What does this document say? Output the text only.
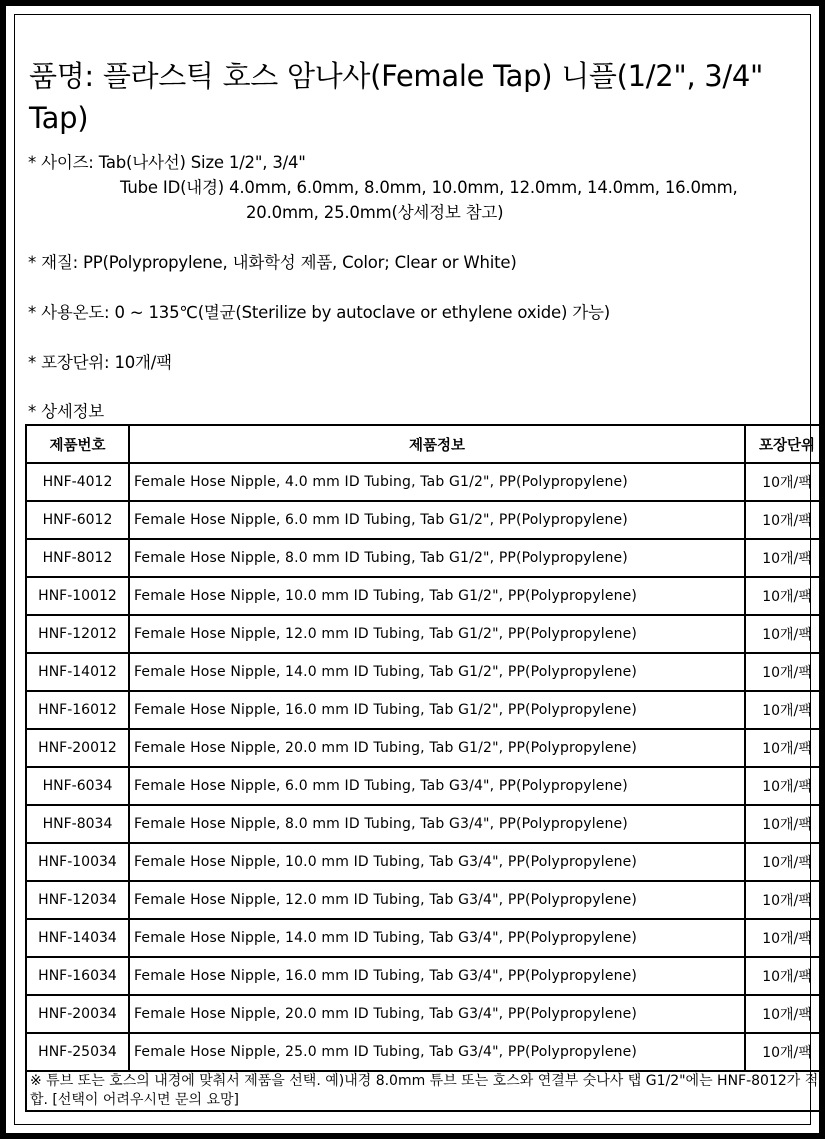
품명: 플라스틱 호스 암나사(Female Tap) 니플(1/2", 3/4" Tap)
* 사이즈: Tab(나사선) Size 1/2", 3/4"
Tube ID(내경) 4.0mm, 6.0mm, 8.0mm, 10.0mm, 12.0mm, 14.0mm, 16.0mm,
20.0mm, 25.0mm(상세정보 참고)
* 재질: PP(Polypropylene, 내화학성 제품, Color; Clear or White)
* 사용온도: 0 ~ 135℃(멸균(Sterilize by autoclave or ethylene oxide) 가능)
* 포장단위: 10개/팩
* 상세정보
제품번호	제품정보	포장단위
HNF-4012	Female Hose Nipple, 4.0 mm ID Tubing, Tab G1/2", PP(Polypropylene)	10개/팩
HNF-6012	Female Hose Nipple, 6.0 mm ID Tubing, Tab G1/2", PP(Polypropylene)	10개/팩
HNF-8012	Female Hose Nipple, 8.0 mm ID Tubing, Tab G1/2", PP(Polypropylene)	10개/팩
HNF-10012	Female Hose Nipple, 10.0 mm ID Tubing, Tab G1/2", PP(Polypropylene)	10개/팩
HNF-12012	Female Hose Nipple, 12.0 mm ID Tubing, Tab G1/2", PP(Polypropylene)	10개/팩
HNF-14012	Female Hose Nipple, 14.0 mm ID Tubing, Tab G1/2", PP(Polypropylene)	10개/팩
HNF-16012	Female Hose Nipple, 16.0 mm ID Tubing, Tab G1/2", PP(Polypropylene)	10개/팩
HNF-20012	Female Hose Nipple, 20.0 mm ID Tubing, Tab G1/2", PP(Polypropylene)	10개/팩
HNF-6034	Female Hose Nipple, 6.0 mm ID Tubing, Tab G3/4", PP(Polypropylene)	10개/팩
HNF-8034	Female Hose Nipple, 8.0 mm ID Tubing, Tab G3/4", PP(Polypropylene)	10개/팩
HNF-10034	Female Hose Nipple, 10.0 mm ID Tubing, Tab G3/4", PP(Polypropylene)	10개/팩
HNF-12034	Female Hose Nipple, 12.0 mm ID Tubing, Tab G3/4", PP(Polypropylene)	10개/팩
HNF-14034	Female Hose Nipple, 14.0 mm ID Tubing, Tab G3/4", PP(Polypropylene)	10개/팩
HNF-16034	Female Hose Nipple, 16.0 mm ID Tubing, Tab G3/4", PP(Polypropylene)	10개/팩
HNF-20034	Female Hose Nipple, 20.0 mm ID Tubing, Tab G3/4", PP(Polypropylene)	10개/팩
HNF-25034	Female Hose Nipple, 25.0 mm ID Tubing, Tab G3/4", PP(Polypropylene)	10개/팩
※ 튜브 또는 호스의 내경에 맞춰서 제품을 선택. 예)내경 8.0mm 튜브 또는 호스와 연결부 숫나사 탭 G1/2"에는 HNF-8012가 적합. [선택이 어려우시면 문의 요망]		
